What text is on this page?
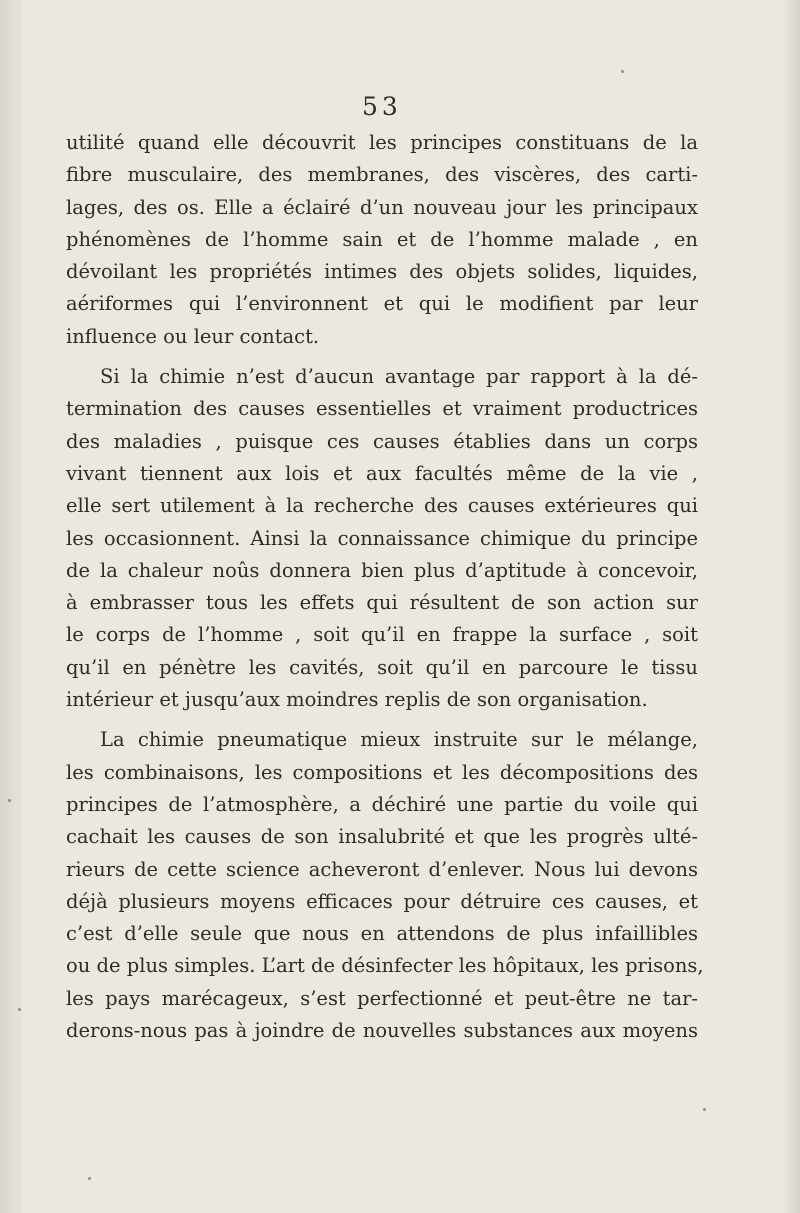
53
utilité quand elle découvrit les principes constituans de la
fibre musculaire, des membranes, des viscères, des carti-
lages, des os. Elle a éclairé d’un nouveau jour les principaux
phénomènes de l’homme sain et de l’homme malade , en
dévoilant les propriétés intimes des objets solides, liquides,
aériformes qui l’environnent et qui le modifient par leur
influence ou leur contact.
Si la chimie n’est d’aucun avantage par rapport à la dé-
termination des causes essentielles et vraiment productrices
des maladies , puisque ces causes établies dans un corps
vivant tiennent aux lois et aux facultés même de la vie ,
elle sert utilement à la recherche des causes extérieures qui
les occasionnent. Ainsi la connaissance chimique du principe
de la chaleur noûs donnera bien plus d’aptitude à concevoir,
à embrasser tous les effets qui résultent de son action sur
le corps de l’homme , soit qu’il en frappe la surface , soit
qu’il en pénètre les cavités, soit qu’il en parcoure le tissu
intérieur et jusqu’aux moindres replis de son organisation.
La chimie pneumatique mieux instruite sur le mélange,
les combinaisons, les compositions et les décompositions des
principes de l’atmosphère, a déchiré une partie du voile qui
cachait les causes de son insalubrité et que les progrès ulté-
rieurs de cette science acheveront d’enlever. Nous lui devons
déjà plusieurs moyens efficaces pour détruire ces causes, et
c’est d’elle seule que nous en attendons de plus infaillibles
ou de plus simples. L’art de désinfecter les hôpitaux, les prisons,
les pays marécageux, s’est perfectionné et peut-être ne tar-
derons-nous pas à joindre de nouvelles substances aux moyens
